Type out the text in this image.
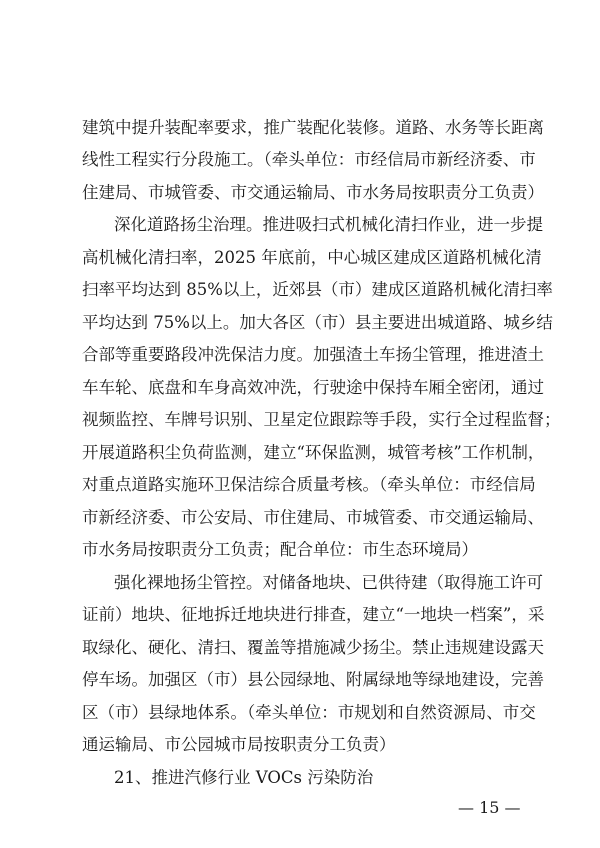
建筑中提升装配率要求，推广装配化装修。道路、水务等长距离
线性工程实行分段施工。（牵头单位：市经信局市新经济委、市
住建局、市城管委、市交通运输局、市水务局按职责分工负责）
深化道路扬尘治理。推进吸扫式机械化清扫作业，进一步提
高机械化清扫率，2025 年底前，中心城区建成区道路机械化清
扫率平均达到 85%以上，近郊县（市）建成区道路机械化清扫率
平均达到 75%以上。加大各区（市）县主要进出城道路、城乡结
合部等重要路段冲洗保洁力度。加强渣土车扬尘管理，推进渣土
车车轮、底盘和车身高效冲洗，行驶途中保持车厢全密闭，通过
视频监控、车牌号识别、卫星定位跟踪等手段，实行全过程监督；
开展道路积尘负荷监测，建立“环保监测，城管考核”工作机制，
对重点道路实施环卫保洁综合质量考核。（牵头单位：市经信局
市新经济委、市公安局、市住建局、市城管委、市交通运输局、
市水务局按职责分工负责；配合单位：市生态环境局）
强化裸地扬尘管控。对储备地块、已供待建（取得施工许可
证前）地块、征地拆迁地块进行排查，建立“一地块一档案”，采
取绿化、硬化、清扫、覆盖等措施减少扬尘。禁止违规建设露天
停车场。加强区（市）县公园绿地、附属绿地等绿地建设，完善
区（市）县绿地体系。（牵头单位：市规划和自然资源局、市交
通运输局、市公园城市局按职责分工负责）
21、推进汽修行业 VOCs 污染防治
— 15 —
